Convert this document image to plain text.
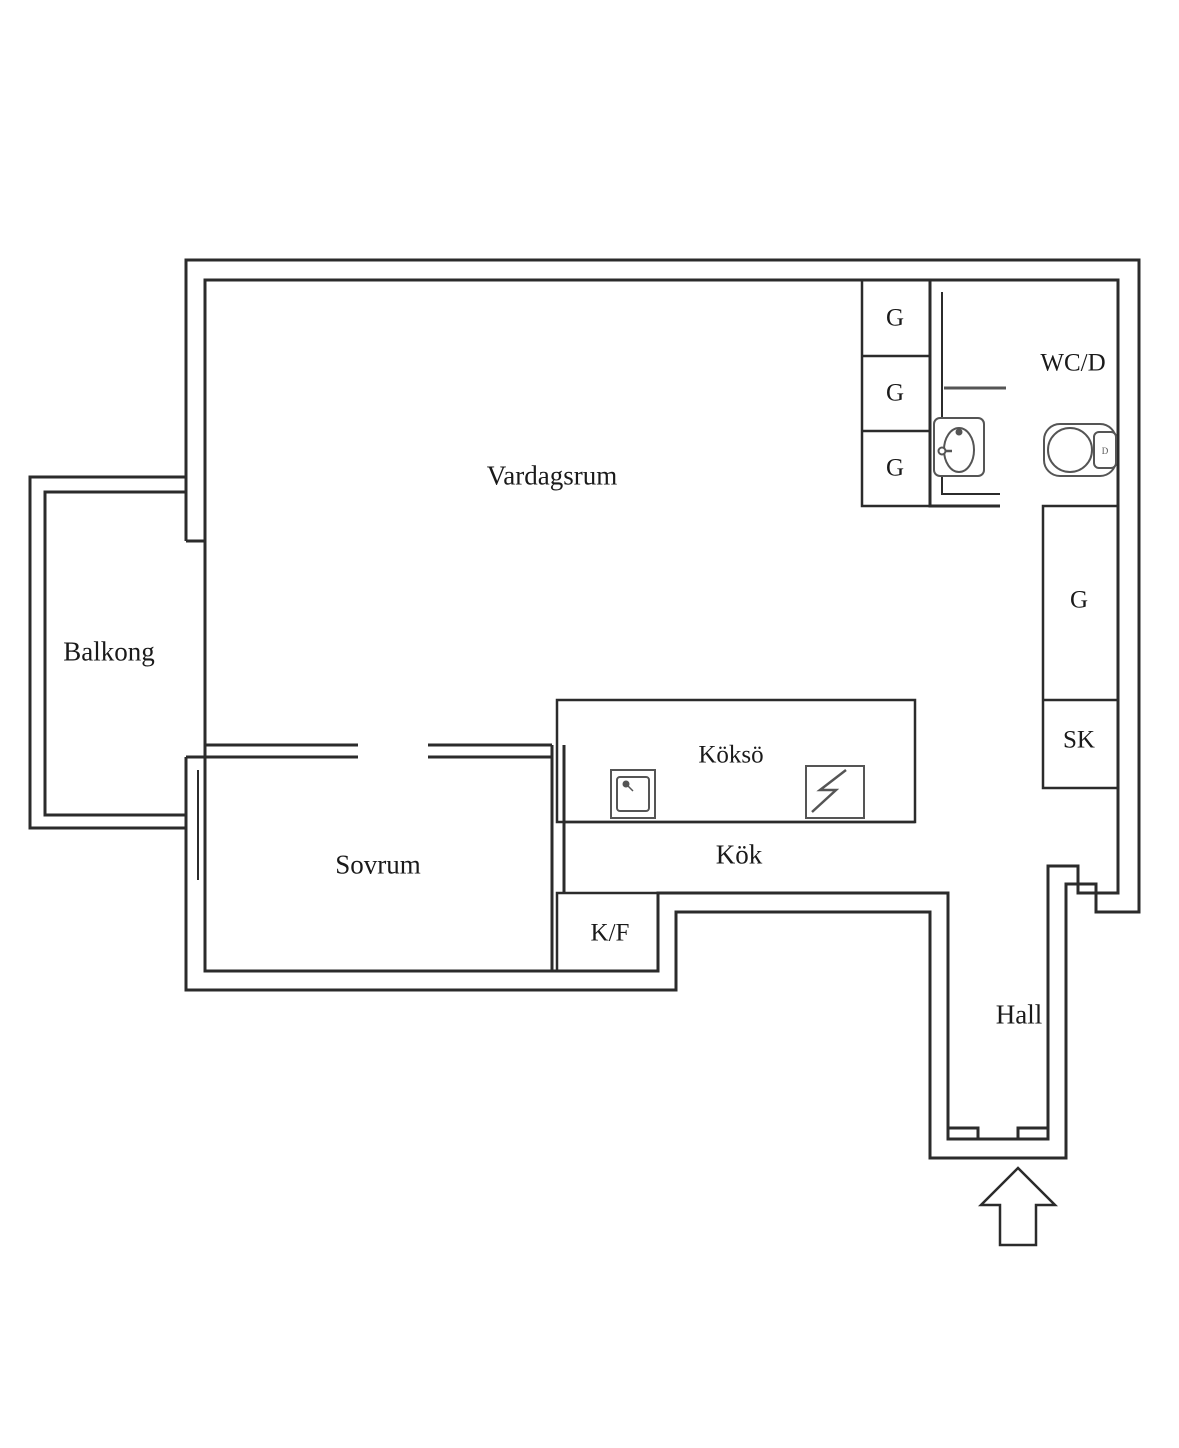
D
Vardagsrum
Balkong
Sovrum	Kök
Köksö
K/F
Hall
WC/D
G
G
G
G
SK
